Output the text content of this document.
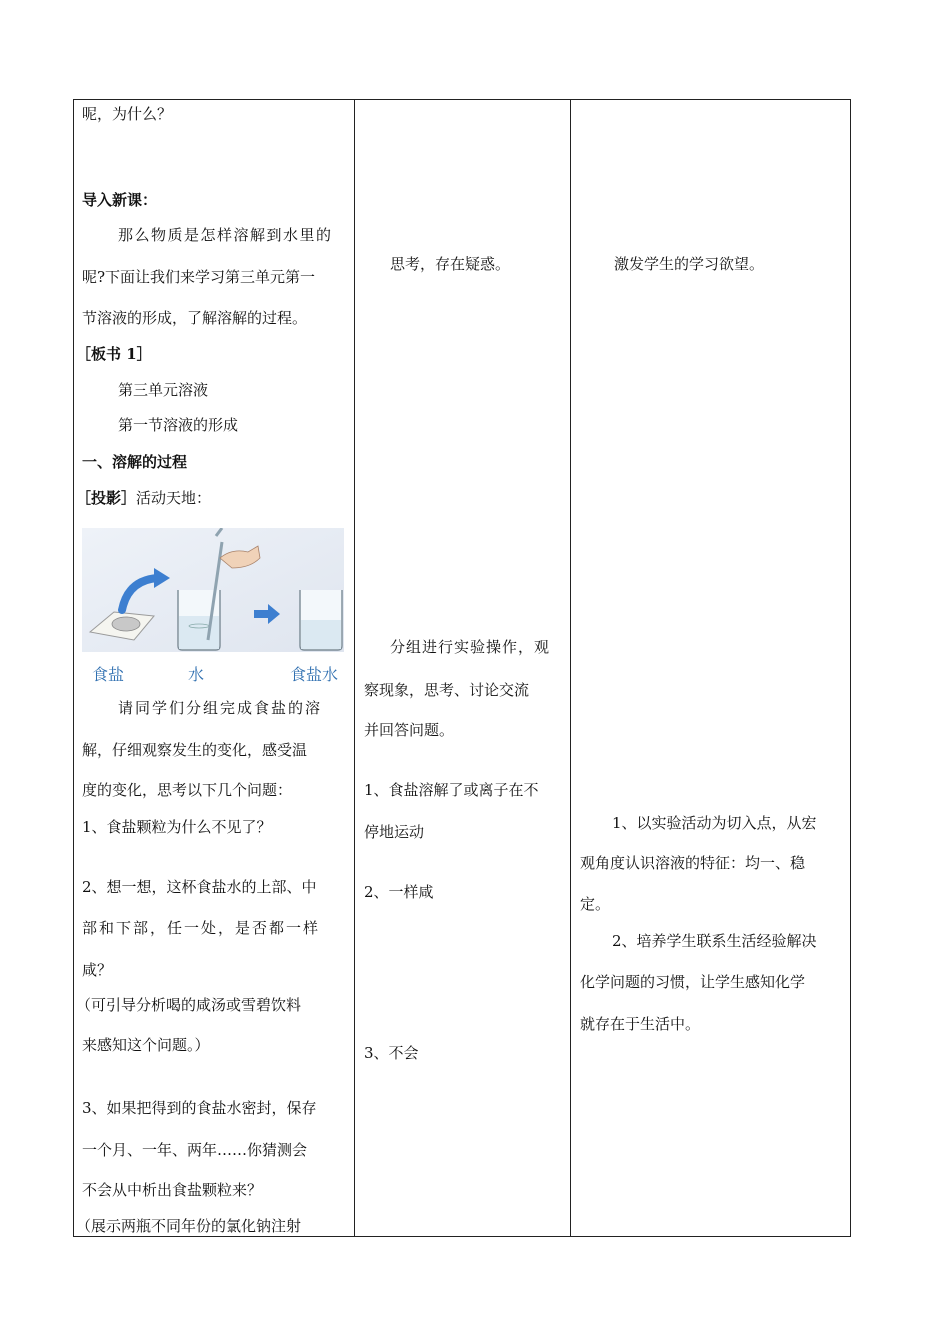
呢，为什么？
导入新课：
那么物质是怎样溶解到水里的
呢?下面让我们来学习第三单元第一
节溶液的形成，了解溶解的过程。
［板书 1］
第三单元溶液
第一节溶液的形成
一、溶解的过程
［投影］活动天地：
食盐	水	食盐水
请同学们分组完成食盐的溶
解，仔细观察发生的变化，感受温
度的变化，思考以下几个问题：
1、食盐颗粒为什么不见了？
2、想一想，这杯食盐水的上部、中
部和下部，任一处，是否都一样
咸？
（可引导分析喝的咸汤或雪碧饮料
来感知这个问题。）
3、如果把得到的食盐水密封，保存
一个月、一年、两年……你猜测会
不会从中析出食盐颗粒来？
（展示两瓶不同年份的氯化钠注射
思考，存在疑惑。
分组进行实验操作，观
察现象，思考、讨论交流
并回答问题。
1、食盐溶解了或离子在不
停地运动
2、一样咸
3、不会
激发学生的学习欲望。
1、以实验活动为切入点，从宏
观角度认识溶液的特征：均一、稳
定。
2、培养学生联系生活经验解决
化学问题的习惯，让学生感知化学
就存在于生活中。
